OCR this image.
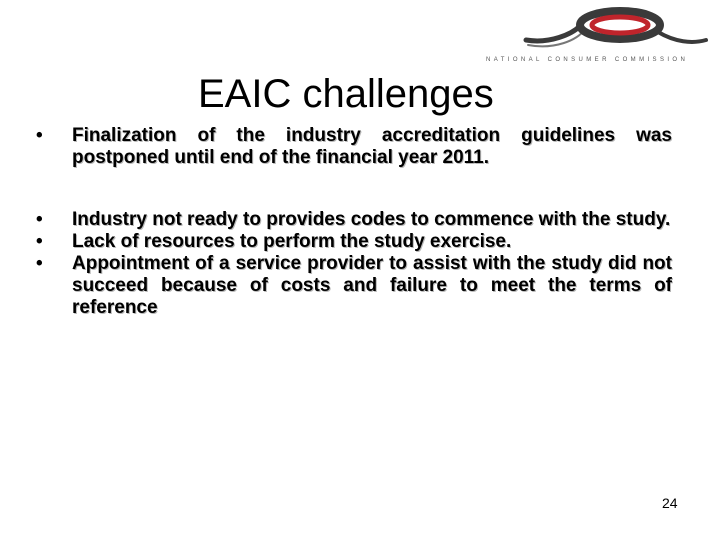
NATIONAL CONSUMER COMMISSION
EAIC challenges
•	Finalization of the industry accreditation guidelines was postponed until end of the financial year 2011.
•	Industry not ready to provides codes to commence with the study.
•	Lack of resources to perform the study exercise.
•	Appointment of a service provider to assist with the study did not succeed because of costs and failure to meet the terms of reference
24
